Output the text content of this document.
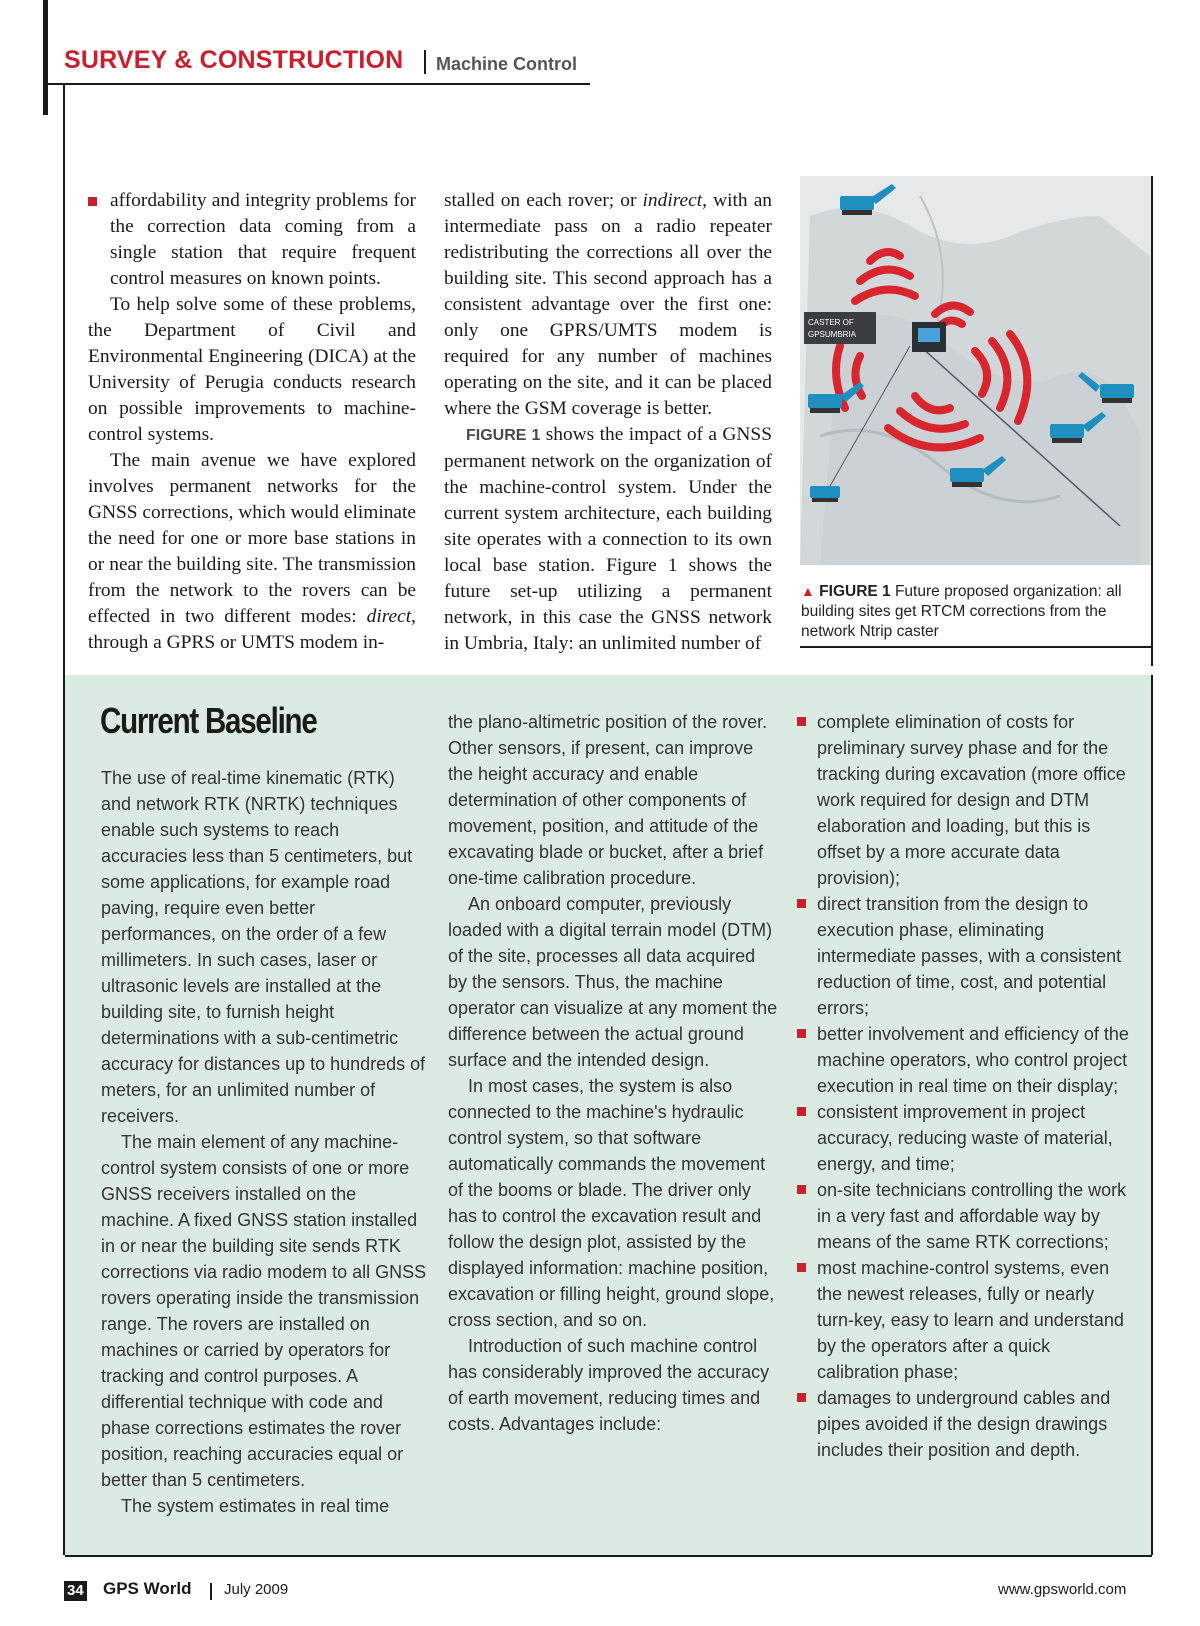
SURVEY & CONSTRUCTION Machine Control
affordability and integrity problems for the correction data coming from a single station that require frequent control measures on known points.

To help solve some of these problems, the Department of Civil and Environmental Engineering (DICA) at the University of Perugia conducts research on possible improvements to machine-control systems.

The main avenue we have explored involves permanent networks for the GNSS corrections, which would eliminate the need for one or more base stations in or near the building site. The transmission from the network to the rovers can be effected in two different modes: direct, through a GPRS or UMTS modem in-

stalled on each rover; or indirect, with an intermediate pass on a radio repeater redistributing the corrections all over the building site. This second approach has a consistent advantage over the first one: only one GPRS/UMTS modem is required for any number of machines operating on the site, and it can be placed where the GSM coverage is better.

FIGURE 1 shows the impact of a GNSS permanent network on the organization of the machine-control system. Under the current system architecture, each building site operates with a connection to its own local base station. Figure 1 shows the future set-up utilizing a permanent network, in this case the GNSS network in Umbria, Italy: an unlimited number of

CASTER OF
GPSUMBRIA
▲ FIGURE 1 Future proposed organization: all building sites get RTCM corrections from the network Ntrip caster
Current Baseline

The use of real-time kinematic (RTK) and network RTK (NRTK) techniques enable such systems to reach accuracies less than 5 centimeters, but some applications, for example road paving, require even better performances, on the order of a few millimeters. In such cases, laser or ultrasonic levels are installed at the building site, to furnish height determinations with a sub-centimetric accuracy for distances up to hundreds of meters, for an unlimited number of receivers.

The main element of any machine-control system consists of one or more GNSS receivers installed on the machine. A fixed GNSS station installed in or near the building site sends RTK corrections via radio modem to all GNSS rovers operating inside the transmission range. The rovers are installed on machines or carried by operators for tracking and control purposes. A differential technique with code and phase corrections estimates the rover position, reaching accuracies equal or better than 5 centimeters.

The system estimates in real time

the plano-altimetric position of the rover. Other sensors, if present, can improve the height accuracy and enable determination of other components of movement, position, and attitude of the excavating blade or bucket, after a brief one-time calibration procedure.

An onboard computer, previously loaded with a digital terrain model (DTM) of the site, processes all data acquired by the sensors. Thus, the machine operator can visualize at any moment the difference between the actual ground surface and the intended design.

In most cases, the system is also connected to the machine's hydraulic control system, so that software automatically commands the movement of the booms or blade. The driver only has to control the excavation result and follow the design plot, assisted by the displayed information: machine position, excavation or filling height, ground slope, cross section, and so on.

Introduction of such machine control has considerably improved the accuracy of earth movement, reducing times and costs. Advantages include:

complete elimination of costs for preliminary survey phase and for the tracking during excavation (more office work required for design and DTM elaboration and loading, but this is offset by a more accurate data provision);
direct transition from the design to execution phase, eliminating intermediate passes, with a consistent reduction of time, cost, and potential errors;
better involvement and efficiency of the machine operators, who control project execution in real time on their display;
consistent improvement in project accuracy, reducing waste of material, energy, and time;
on-site technicians controlling the work in a very fast and affordable way by means of the same RTK corrections;
most machine-control systems, even the newest releases, fully or nearly turn-key, easy to learn and understand by the operators after a quick calibration phase;
damages to underground cables and pipes avoided if the design drawings includes their position and depth.
34 GPS World July 2009	www.gpsworld.com
